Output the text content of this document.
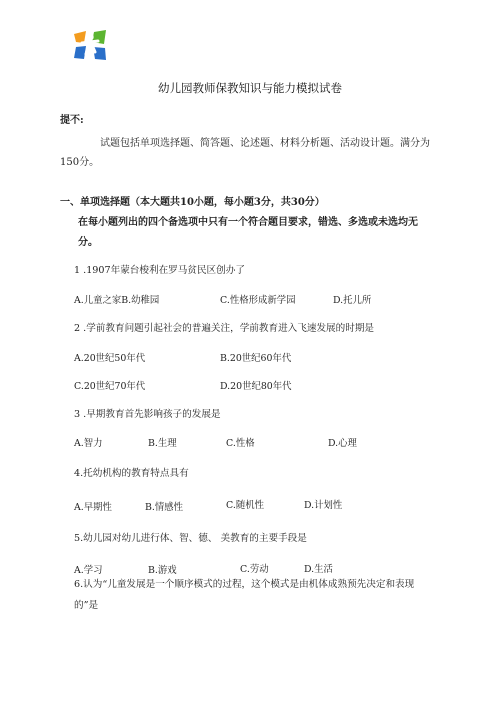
幼儿园教师保教知识与能力模拟试卷
提不:
试题包括单项选择题、简答题、论述题、材料分析题、活动设计题。满分为150分。
一、单项选择题（本大题共10小题，每小题3分，共30分）
在每小题列出的四个备选项中只有一个符合题目要求，错选、多选或未选均无分。
1 .1907年蒙台梭利在罗马贫民区创办了
A.儿童之家B.幼稚园	C.性格形成新学园	D.托儿所
2 .学前教育问题引起社会的普遍关注，学前教育进入飞速发展的时期是
A.20世纪50年代	B.20世纪60年代
C.20世纪70年代	D.20世纪80年代
3 .早期教育首先影响孩子的发展是
A.智力	B.生理	C.性格	D.心理
4.托幼机构的教育特点具有
A.早期性	B.情感性	C.随机性	D.计划性
5.幼儿园对幼儿进行体、智、德、 美教育的主要手段是
A.学习	B.游戏	C.劳动	D.生活
6.认为“儿童发展是一个顺序模式的过程，这个模式是由机体成熟预先决定和表现
的”是
